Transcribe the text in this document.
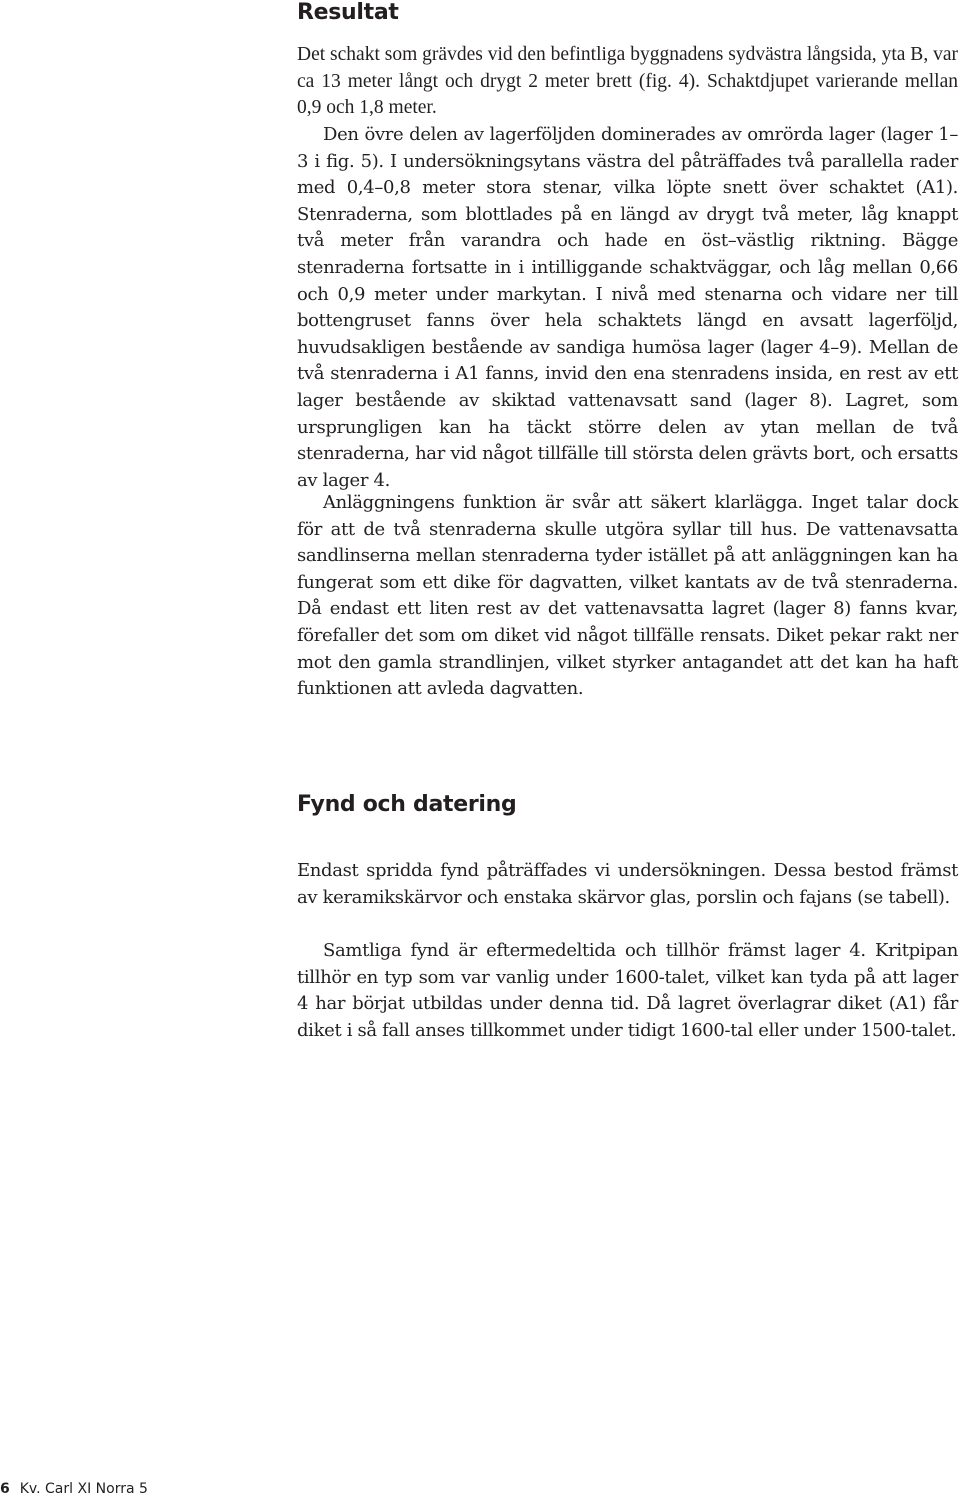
Resultat

Det schakt som grävdes vid den befintliga byggnadens sydvästra långsida, yta B, var ca 13 meter långt och drygt 2 meter brett (fig. 4). Schaktdjupet varierande mellan 0,9 och 1,8 meter.

Den övre delen av lagerföljden dominerades av omrörda lager (lager 1–3 i fig. 5). I undersökningsytans västra del påträffades två parallella rader med 0,4–0,8 meter stora stenar, vilka löpte snett över schaktet (A1). Stenraderna, som blottlades på en längd av drygt två meter, låg knappt två meter från varandra och hade en öst–västlig riktning. Bägge stenraderna fortsatte in i intilliggande schaktväggar, och låg mellan 0,66 och 0,9 meter under markytan. I nivå med stenarna och vidare ner till bottengruset fanns över hela schaktets längd en avsatt lagerföljd, huvudsakligen bestående av sandiga humösa lager (lager 4–9). Mellan de två stenraderna i A1 fanns, invid den ena stenradens insida, en rest av ett lager bestående av skiktad vattenavsatt sand (lager 8). Lagret, som ursprungligen kan ha täckt större delen av ytan mellan de två stenraderna, har vid något tillfälle till största delen grävts bort, och ersatts av lager 4.

Anläggningens funktion är svår att säkert klarlägga. Inget talar dock för att de två stenraderna skulle utgöra syllar till hus. De vattenavsatta sandlinserna mellan stenraderna tyder istället på att anläggningen kan ha fungerat som ett dike för dagvatten, vilket kantats av de två stenraderna. Då endast ett liten rest av det vattenavsatta lagret (lager 8) fanns kvar, förefaller det som om diket vid något tillfälle rensats. Diket pekar rakt ner mot den gamla strandlinjen, vilket styrker antagandet att det kan ha haft funktionen att avleda dagvatten.

Fynd och datering

Endast spridda fynd påträffades vi undersökningen. Dessa bestod främst av keramikskärvor och enstaka skärvor glas, porslin och fajans (se tabell).

Samtliga fynd är eftermedeltida och tillhör främst lager 4. Kritpipan tillhör en typ som var vanlig under 1600-talet, vilket kan tyda på att lager 4 har börjat utbildas under denna tid. Då lagret överlagrar diket (A1) får diket i så fall anses tillkommet under tidigt 1600-tal eller under 1500-talet.

6 Kv. Carl XI Norra 5
